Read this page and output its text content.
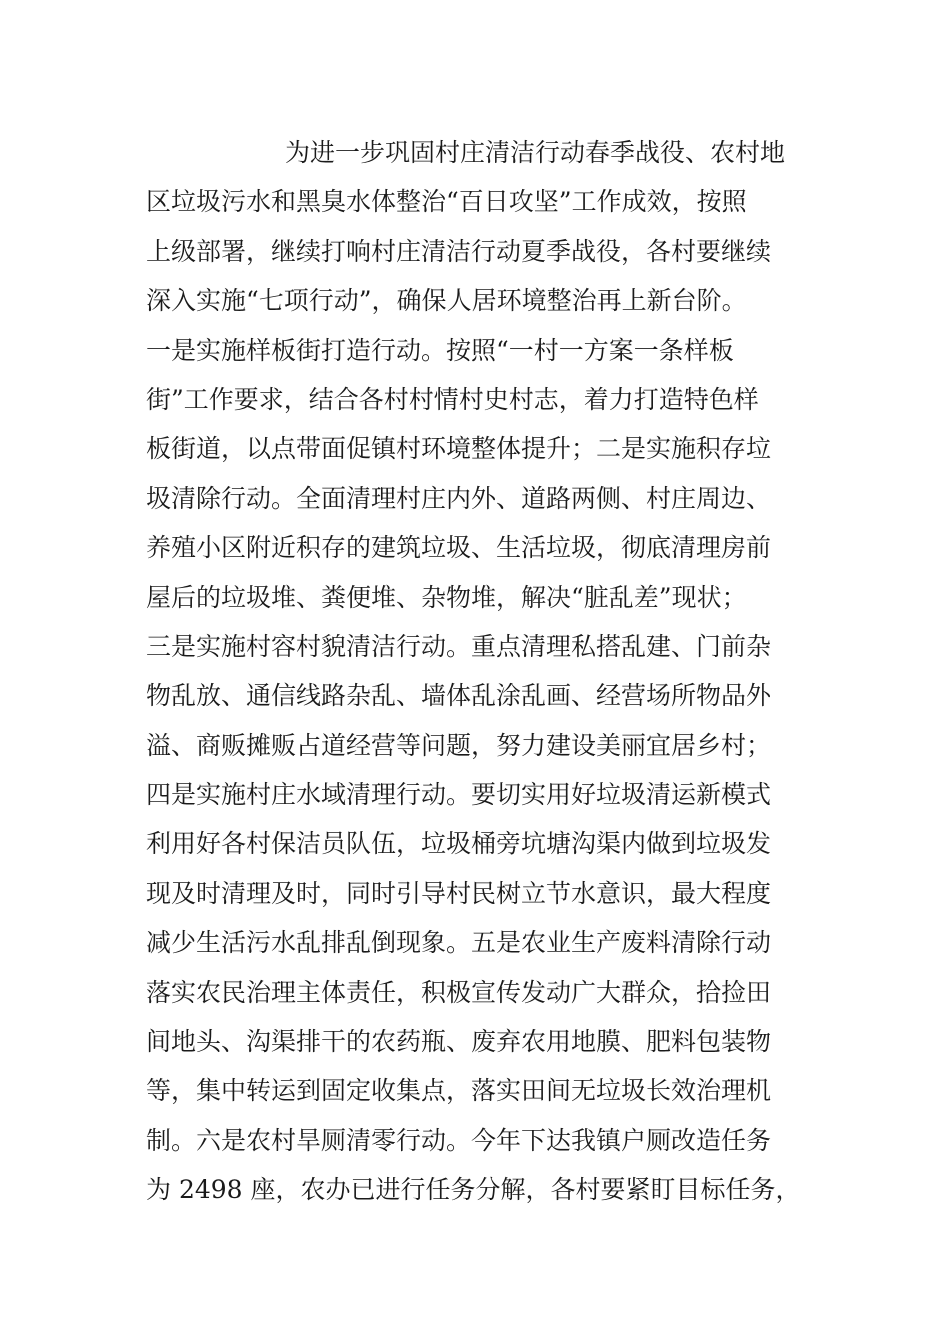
为进一步巩固村庄清洁行动春季战役、农村地
区垃圾污水和黑臭水体整治“百日攻坚”工作成效，按照
上级部署，继续打响村庄清洁行动夏季战役，各村要继续
深入实施“七项行动”，确保人居环境整治再上新台阶。
一是实施样板街打造行动。按照“一村一方案一条样板
街”工作要求，结合各村村情村史村志，着力打造特色样
板街道，以点带面促镇村环境整体提升；二是实施积存垃
圾清除行动。全面清理村庄内外、道路两侧、村庄周边、
养殖小区附近积存的建筑垃圾、生活垃圾，彻底清理房前
屋后的垃圾堆、粪便堆、杂物堆，解决“脏乱差”现状；
三是实施村容村貌清洁行动。重点清理私搭乱建、门前杂
物乱放、通信线路杂乱、墙体乱涂乱画、经营场所物品外
溢、商贩摊贩占道经营等问题，努力建设美丽宜居乡村；
四是实施村庄水域清理行动。要切实用好垃圾清运新模式
利用好各村保洁员队伍，垃圾桶旁坑塘沟渠内做到垃圾发
现及时清理及时，同时引导村民树立节水意识，最大程度
减少生活污水乱排乱倒现象。五是农业生产废料清除行动
落实农民治理主体责任，积极宣传发动广大群众，拾捡田
间地头、沟渠排干的农药瓶、废弃农用地膜、肥料包装物
等，集中转运到固定收集点，落实田间无垃圾长效治理机
制。六是农村旱厕清零行动。今年下达我镇户厕改造任务
为 2498 座，农办已进行任务分解，各村要紧盯目标任务，
